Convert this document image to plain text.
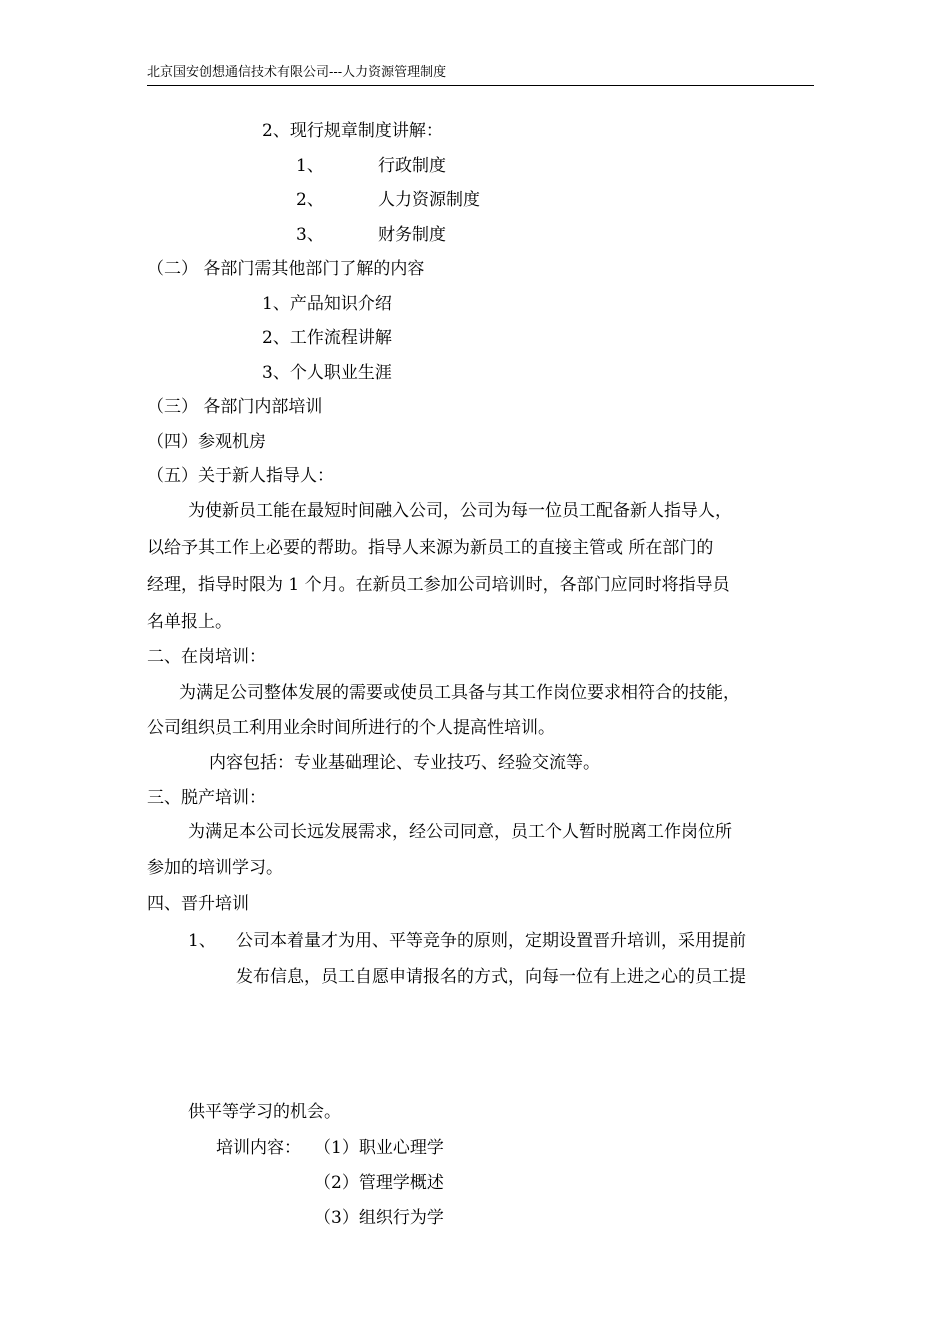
北京国安创想通信技术有限公司---人力资源管理制度
2、现行规章制度讲解：
1、	行政制度
2、	人力资源制度
3、	财务制度
（二） 各部门需其他部门了解的内容
1、产品知识介绍
2、工作流程讲解
3、个人职业生涯
（三） 各部门内部培训
（四）参观机房
（五）关于新人指导人：
为使新员工能在最短时间融入公司，公司为每一位员工配备新人指导人，
以给予其工作上必要的帮助。指导人来源为新员工的直接主管或 所在部门的
经理，指导时限为 1 个月。在新员工参加公司培训时，各部门应同时将指导员
名单报上。
二、在岗培训：
为满足公司整体发展的需要或使员工具备与其工作岗位要求相符合的技能，
公司组织员工利用业余时间所进行的个人提高性培训。
内容包括：专业基础理论、专业技巧、经验交流等。
三、脱产培训：
为满足本公司长远发展需求，经公司同意，员工个人暂时脱离工作岗位所
参加的培训学习。
四、晋升培训
1、 公司本着量才为用、平等竞争的原则，定期设置晋升培训，采用提前
发布信息，员工自愿申请报名的方式，向每一位有上进之心的员工提
供平等学习的机会。
培训内容： （1）职业心理学
（2）管理学概述
（3）组织行为学
